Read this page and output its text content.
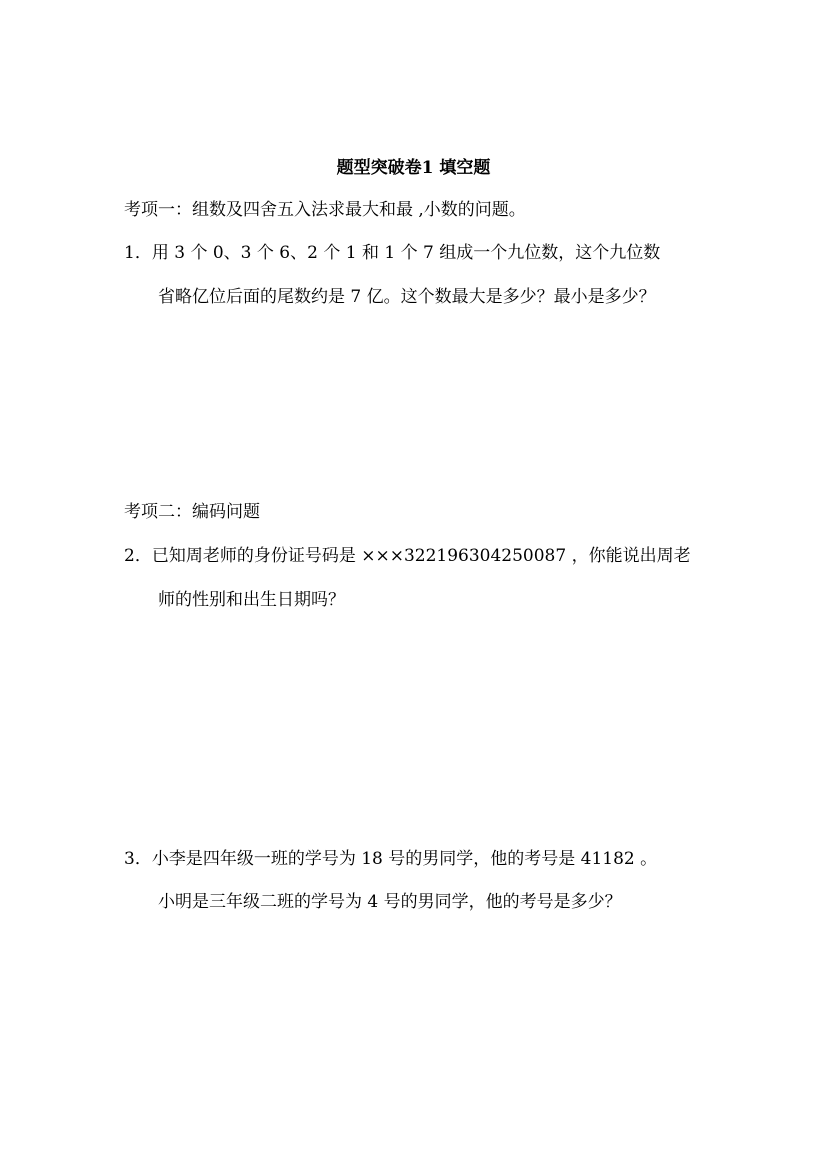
题型突破卷1 填空题
考项一：组数及四舍五入法求最大和最 ,小数的问题。
1．用 3 个 0、3 个 6、2 个 1 和 1 个 7 组成一个九位数，这个九位数
省略亿位后面的尾数约是 7 亿。这个数最大是多少？最小是多少？
考项二：编码问题
2．已知周老师的身份证号码是 ×××322196304250087 ，你能说出周老
师的性别和出生日期吗？
3．小李是四年级一班的学号为 18 号的男同学，他的考号是 41182 。
小明是三年级二班的学号为 4 号的男同学，他的考号是多少？
